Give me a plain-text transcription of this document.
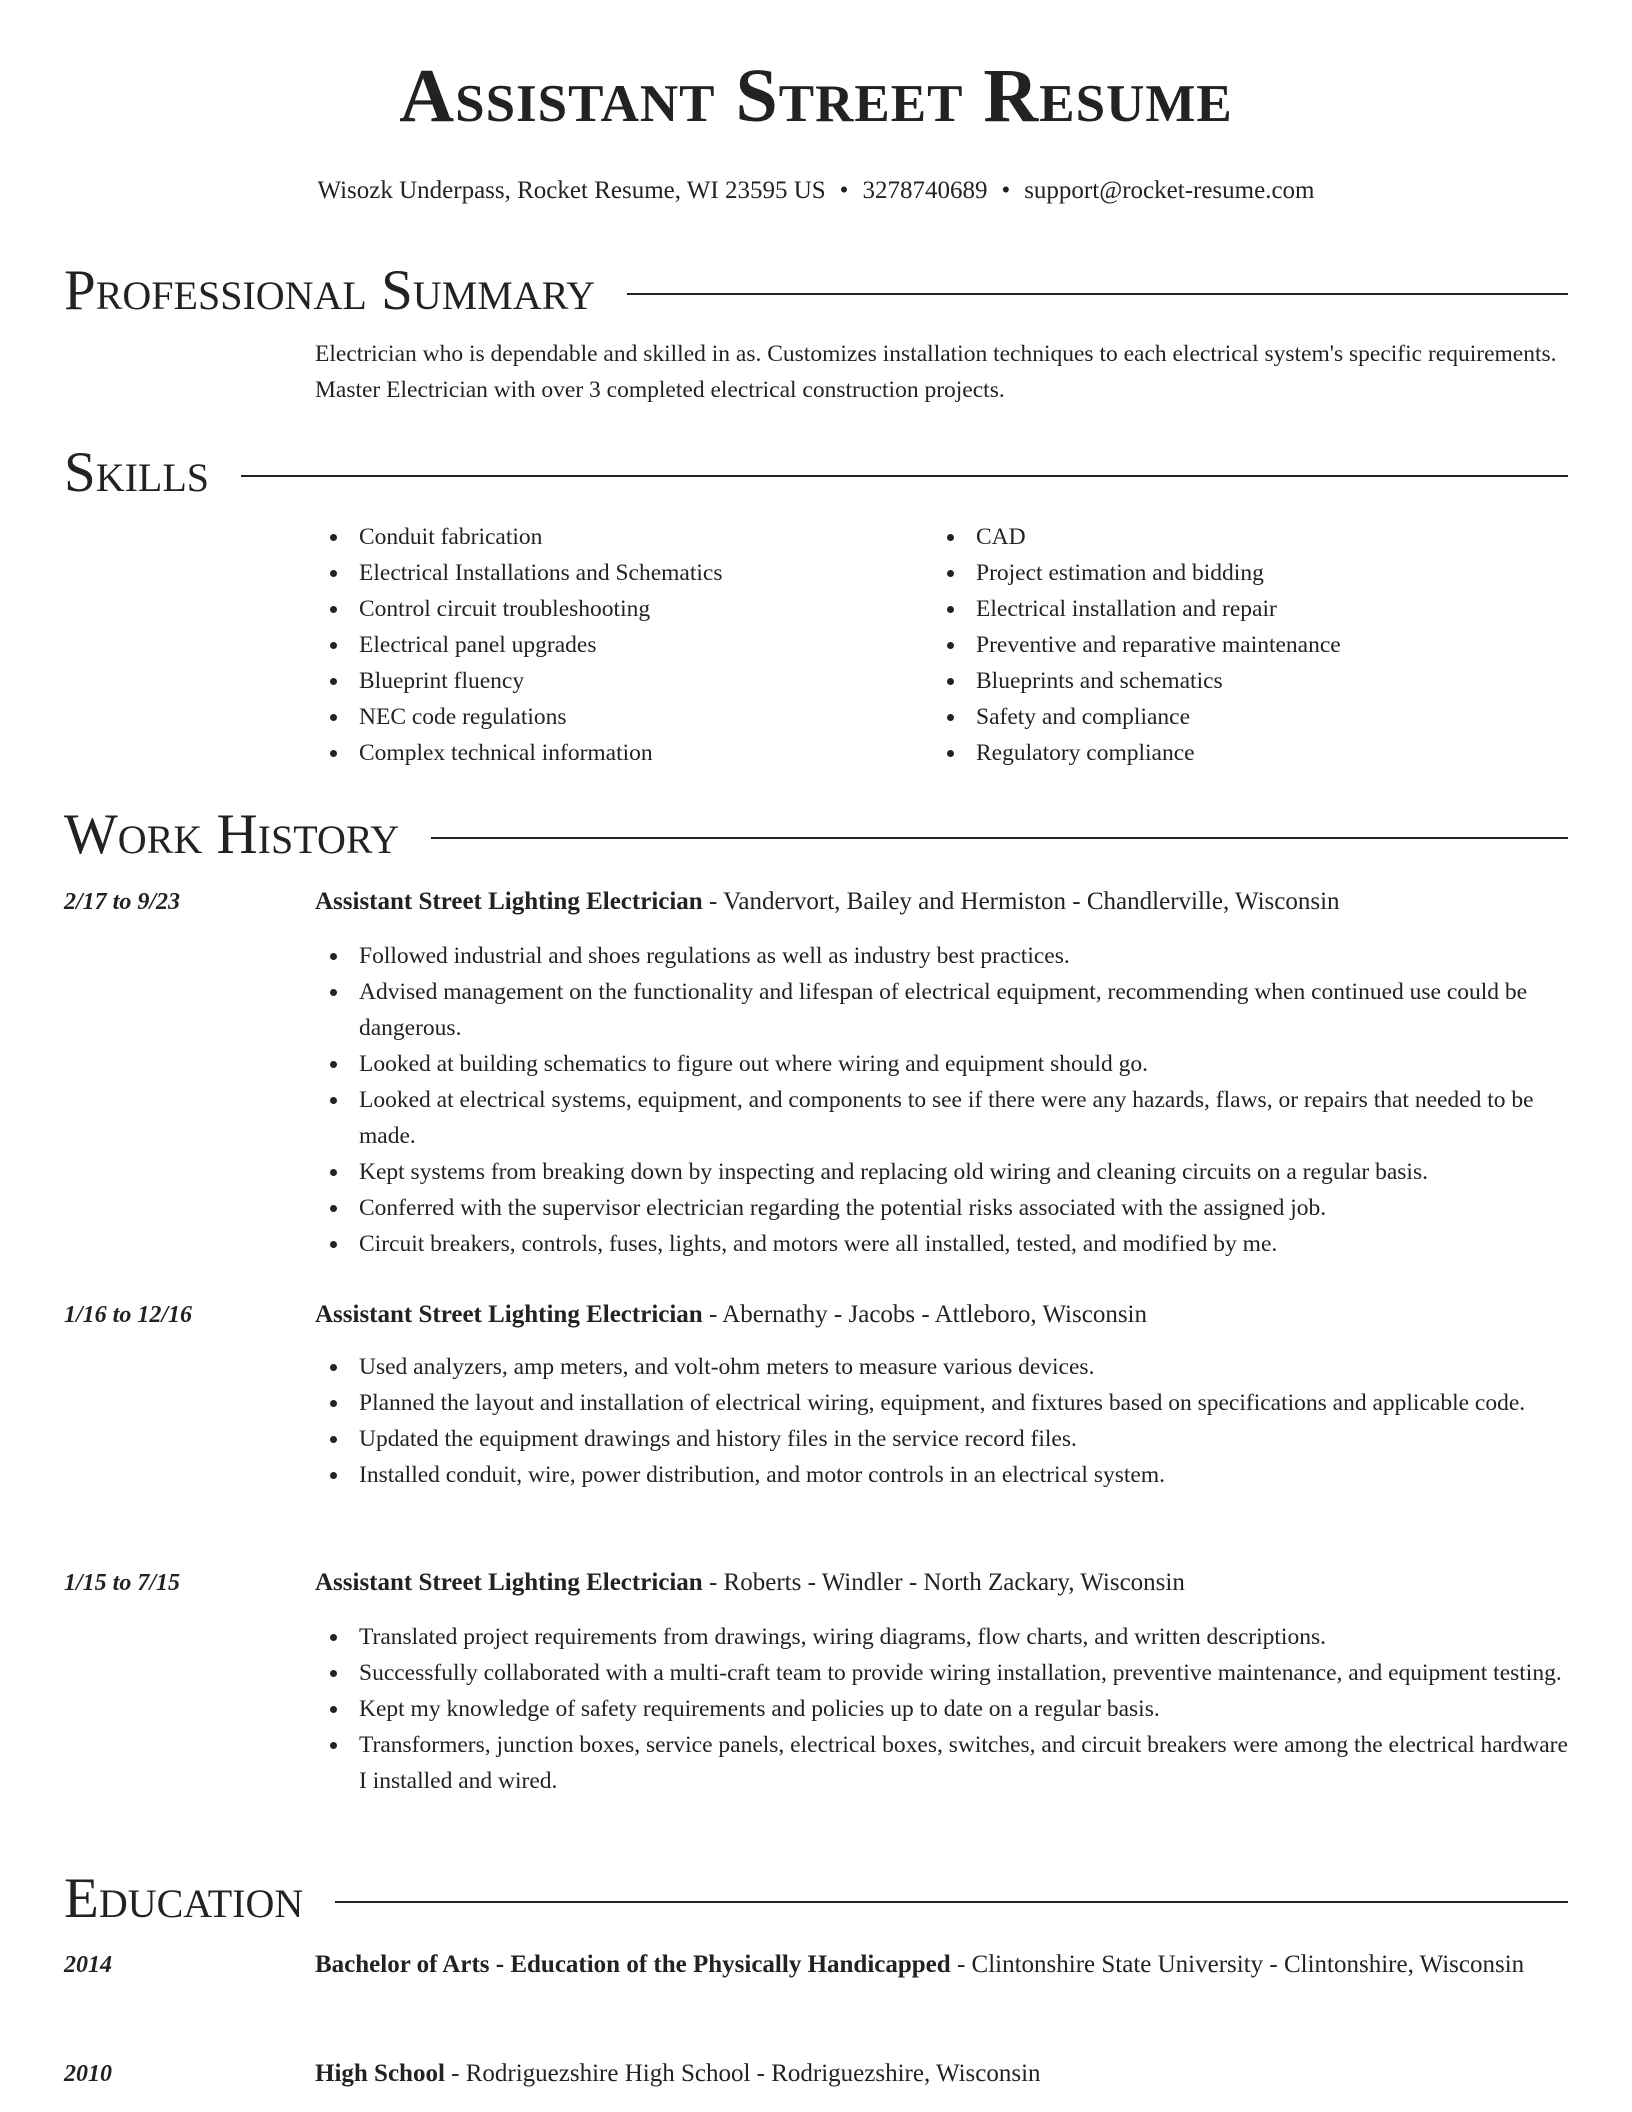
Assistant Street Resume
Wisozk Underpass, Rocket Resume, WI 23595 US • 3278740689 • support@rocket-resume.com
Professional Summary

Electrician who is dependable and skilled in as. Customizes installation techniques to each electrical system's specific requirements. Master Electrician with over 3 completed electrical construction projects.

Skills
Conduit fabrication
Electrical Installations and Schematics
Control circuit troubleshooting
Electrical panel upgrades
Blueprint fluency
NEC code regulations
Complex technical information
CAD
Project estimation and bidding
Electrical installation and repair
Preventive and reparative maintenance
Blueprints and schematics
Safety and compliance
Regulatory compliance
Work History
2/17 to 9/23	Assistant Street Lighting Electrician - Vandervort, Bailey and Hermiston - Chandlerville, Wisconsin
Followed industrial and shoes regulations as well as industry best practices.
Advised management on the functionality and lifespan of electrical equipment, recommending when continued use could be dangerous.
Looked at building schematics to figure out where wiring and equipment should go.
Looked at electrical systems, equipment, and components to see if there were any hazards, flaws, or repairs that needed to be made.
Kept systems from breaking down by inspecting and replacing old wiring and cleaning circuits on a regular basis.
Conferred with the supervisor electrician regarding the potential risks associated with the assigned job.
Circuit breakers, controls, fuses, lights, and motors were all installed, tested, and modified by me.
1/16 to 12/16	Assistant Street Lighting Electrician - Abernathy - Jacobs - Attleboro, Wisconsin
Used analyzers, amp meters, and volt-ohm meters to measure various devices.
Planned the layout and installation of electrical wiring, equipment, and fixtures based on specifications and applicable code.
Updated the equipment drawings and history files in the service record files.
Installed conduit, wire, power distribution, and motor controls in an electrical system.
1/15 to 7/15	Assistant Street Lighting Electrician - Roberts - Windler - North Zackary, Wisconsin
Translated project requirements from drawings, wiring diagrams, flow charts, and written descriptions.
Successfully collaborated with a multi-craft team to provide wiring installation, preventive maintenance, and equipment testing.
Kept my knowledge of safety requirements and policies up to date on a regular basis.
Transformers, junction boxes, service panels, electrical boxes, switches, and circuit breakers were among the electrical hardware I installed and wired.
Education
2014	Bachelor of Arts - Education of the Physically Handicapped - Clintonshire State University - Clintonshire, Wisconsin
2010	High School - Rodriguezshire High School - Rodriguezshire, Wisconsin
